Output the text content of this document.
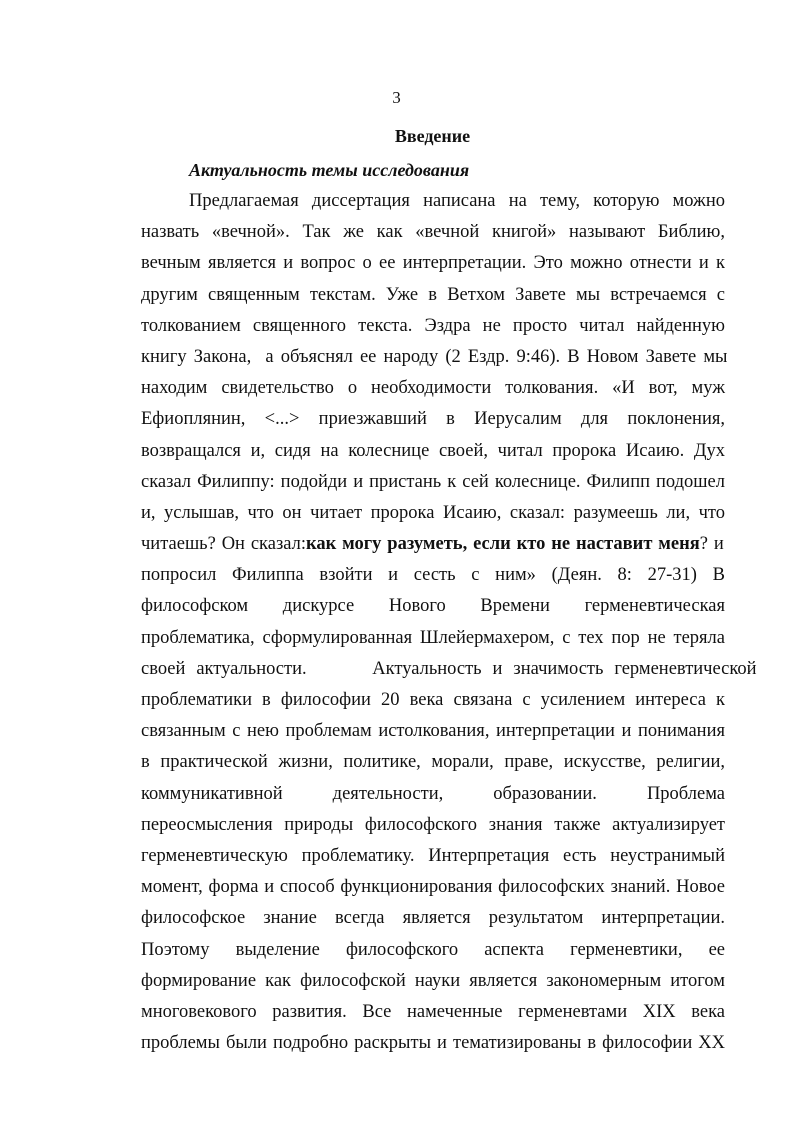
3
Введение
Актуальность темы исследования
Предлагаемая диссертация написана на тему, которую можно
назвать «вечной». Так же как «вечной книгой» называют Библию,
вечным является и вопрос о ее интерпретации. Это можно отнести и к
другим священным текстам. Уже в Ветхом Завете мы встречаемся с
толкованием священного текста. Эздра не просто читал найденную
книгу Закона,  а объяснял ее народу (2 Ездр. 9:46). В Новом Завете мы
находим свидетельство о необходимости толкования. «И вот, муж
Ефиоплянин, <...> приезжавший в Иерусалим для поклонения,
возвращался и, сидя на колеснице своей, читал пророка Исаию. Дух
сказал Филиппу: подойди и пристань к сей колеснице. Филипп подошел
и, услышав, что он читает пророка Исаию, сказал: разумеешь ли, что
читаешь? Он сказал:как могу разуметь, если кто не наставит меня? и
попросил Филиппа взойти и сесть с ним» (Деян. 8: 27-31) В
философском дискурсе Нового Времени герменевтическая
проблематика, сформулированная Шлейермахером, с тех пор не теряла
своей актуальности.      Актуальность и значимость герменевтической
проблематики в философии 20 века связана с усилением интереса к
связанным с нею проблемам истолкования, интерпретации и понимания
в практической жизни, политике, морали, праве, искусстве, религии,
коммуникативной деятельности, образовании. Проблема
переосмысления природы философского знания также актуализирует
герменевтическую проблематику. Интерпретация есть неустранимый
момент, форма и способ функционирования философских знаний. Новое
философское знание всегда является результатом интерпретации.
Поэтому выделение философского аспекта герменевтики, ее
формирование как философской науки является закономерным итогом
многовекового развития. Все намеченные герменевтами XIX века
проблемы были подробно раскрыты и тематизированы в философии XX
